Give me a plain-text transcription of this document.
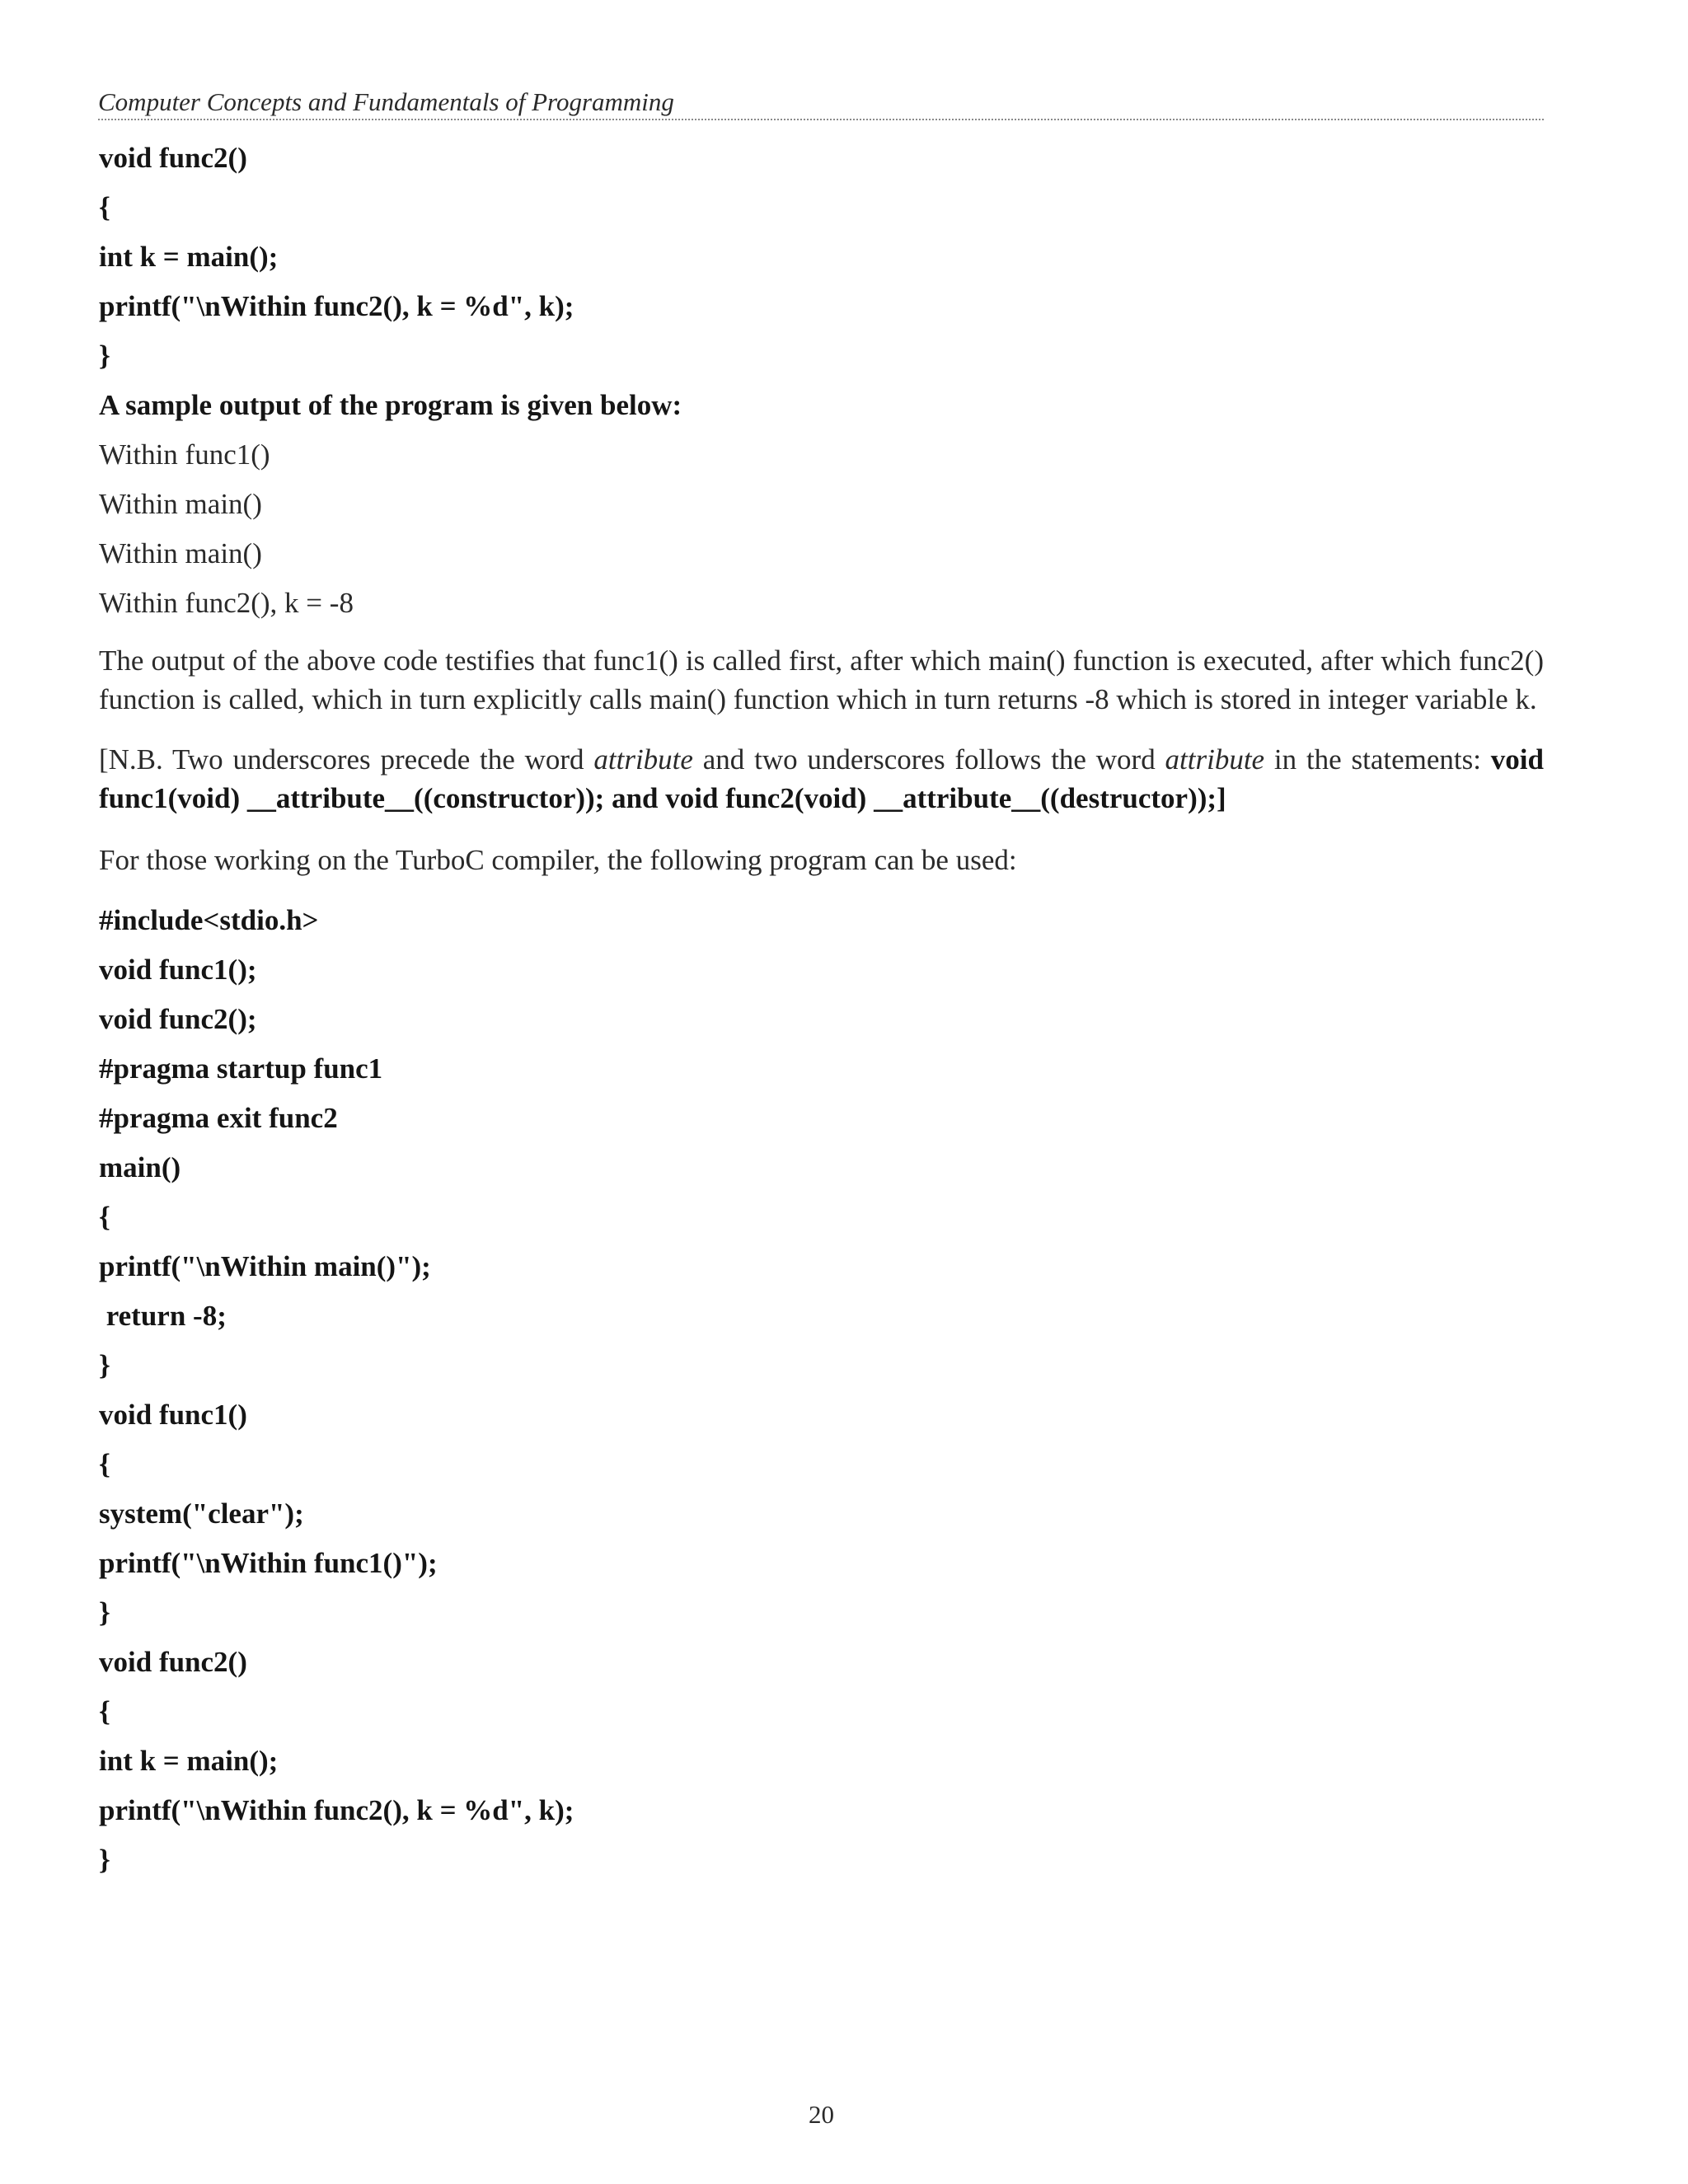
Computer Concepts and Fundamentals of Programming
void func2()
{
int k = main();
printf("\nWithin func2(), k = %d", k);
}
A sample output of the program is given below:
Within func1()
Within main()
Within main()
Within func2(), k = -8
The output of the above code testifies that func1() is called first, after which main() function is executed, after which func2() function is called, which in turn explicitly calls main() function which in turn returns -8 which is stored in integer variable k.
[N.B. Two underscores precede the word attribute and two underscores follows the word attribute in the statements: void func1(void) __attribute__((constructor)); and void func2(void) __attribute__((destructor));]
For those working on the TurboC compiler, the following program can be used:
#include<stdio.h>
void func1();
void func2();
#pragma startup func1
#pragma exit func2
main()
{
printf("\nWithin main()");
return -8;
}
void func1()
{
system("clear");
printf("\nWithin func1()");
}
void func2()
{
int k = main();
printf("\nWithin func2(), k = %d", k);
}
20
